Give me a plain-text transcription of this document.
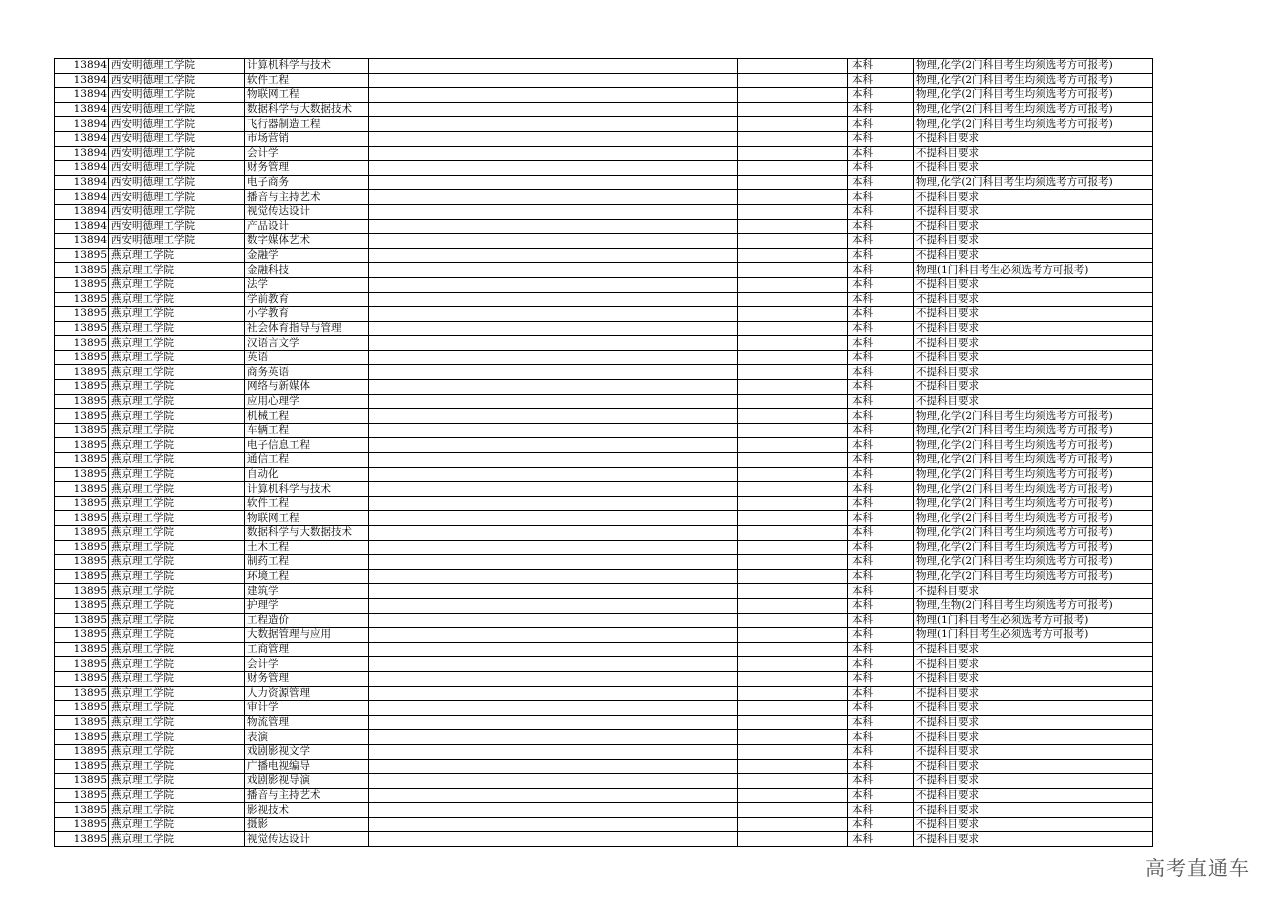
13894	西安明德理工学院	计算机科学与技术			本科	物理,化学(2门科目考生均须选考方可报考)
13894	西安明德理工学院	软件工程			本科	物理,化学(2门科目考生均须选考方可报考)
13894	西安明德理工学院	物联网工程			本科	物理,化学(2门科目考生均须选考方可报考)
13894	西安明德理工学院	数据科学与大数据技术			本科	物理,化学(2门科目考生均须选考方可报考)
13894	西安明德理工学院	飞行器制造工程			本科	物理,化学(2门科目考生均须选考方可报考)
13894	西安明德理工学院	市场营销			本科	不提科目要求
13894	西安明德理工学院	会计学			本科	不提科目要求
13894	西安明德理工学院	财务管理			本科	不提科目要求
13894	西安明德理工学院	电子商务			本科	物理,化学(2门科目考生均须选考方可报考)
13894	西安明德理工学院	播音与主持艺术			本科	不提科目要求
13894	西安明德理工学院	视觉传达设计			本科	不提科目要求
13894	西安明德理工学院	产品设计			本科	不提科目要求
13894	西安明德理工学院	数字媒体艺术			本科	不提科目要求
13895	燕京理工学院	金融学			本科	不提科目要求
13895	燕京理工学院	金融科技			本科	物理(1门科目考生必须选考方可报考)
13895	燕京理工学院	法学			本科	不提科目要求
13895	燕京理工学院	学前教育			本科	不提科目要求
13895	燕京理工学院	小学教育			本科	不提科目要求
13895	燕京理工学院	社会体育指导与管理			本科	不提科目要求
13895	燕京理工学院	汉语言文学			本科	不提科目要求
13895	燕京理工学院	英语			本科	不提科目要求
13895	燕京理工学院	商务英语			本科	不提科目要求
13895	燕京理工学院	网络与新媒体			本科	不提科目要求
13895	燕京理工学院	应用心理学			本科	不提科目要求
13895	燕京理工学院	机械工程			本科	物理,化学(2门科目考生均须选考方可报考)
13895	燕京理工学院	车辆工程			本科	物理,化学(2门科目考生均须选考方可报考)
13895	燕京理工学院	电子信息工程			本科	物理,化学(2门科目考生均须选考方可报考)
13895	燕京理工学院	通信工程			本科	物理,化学(2门科目考生均须选考方可报考)
13895	燕京理工学院	自动化			本科	物理,化学(2门科目考生均须选考方可报考)
13895	燕京理工学院	计算机科学与技术			本科	物理,化学(2门科目考生均须选考方可报考)
13895	燕京理工学院	软件工程			本科	物理,化学(2门科目考生均须选考方可报考)
13895	燕京理工学院	物联网工程			本科	物理,化学(2门科目考生均须选考方可报考)
13895	燕京理工学院	数据科学与大数据技术			本科	物理,化学(2门科目考生均须选考方可报考)
13895	燕京理工学院	土木工程			本科	物理,化学(2门科目考生均须选考方可报考)
13895	燕京理工学院	制药工程			本科	物理,化学(2门科目考生均须选考方可报考)
13895	燕京理工学院	环境工程			本科	物理,化学(2门科目考生均须选考方可报考)
13895	燕京理工学院	建筑学			本科	不提科目要求
13895	燕京理工学院	护理学			本科	物理,生物(2门科目考生均须选考方可报考)
13895	燕京理工学院	工程造价			本科	物理(1门科目考生必须选考方可报考)
13895	燕京理工学院	大数据管理与应用			本科	物理(1门科目考生必须选考方可报考)
13895	燕京理工学院	工商管理			本科	不提科目要求
13895	燕京理工学院	会计学			本科	不提科目要求
13895	燕京理工学院	财务管理			本科	不提科目要求
13895	燕京理工学院	人力资源管理			本科	不提科目要求
13895	燕京理工学院	审计学			本科	不提科目要求
13895	燕京理工学院	物流管理			本科	不提科目要求
13895	燕京理工学院	表演			本科	不提科目要求
13895	燕京理工学院	戏剧影视文学			本科	不提科目要求
13895	燕京理工学院	广播电视编导			本科	不提科目要求
13895	燕京理工学院	戏剧影视导演			本科	不提科目要求
13895	燕京理工学院	播音与主持艺术			本科	不提科目要求
13895	燕京理工学院	影视技术			本科	不提科目要求
13895	燕京理工学院	摄影			本科	不提科目要求
13895	燕京理工学院	视觉传达设计			本科	不提科目要求
高考直通车
